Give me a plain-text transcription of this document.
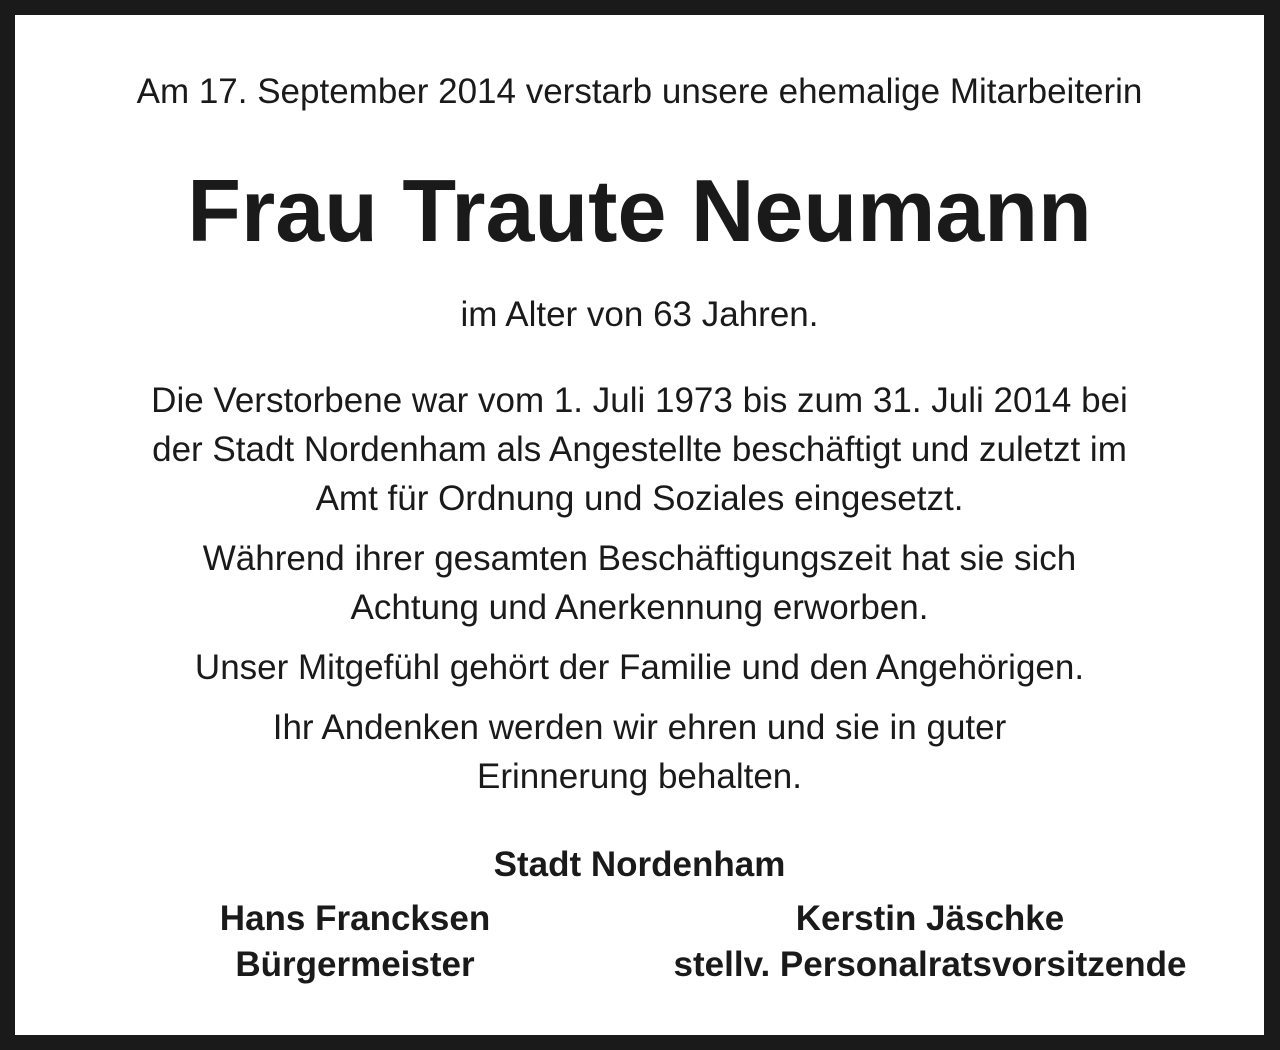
Am 17. September 2014 verstarb unsere ehemalige Mitarbeiterin
Frau Traute Neumann
im Alter von 63 Jahren.
Die Verstorbene war vom 1. Juli 1973 bis zum 31. Juli 2014 bei
der Stadt Nordenham als Angestellte beschäftigt und zuletzt im
Amt für Ordnung und Soziales eingesetzt.
Während ihrer gesamten Beschäftigungszeit hat sie sich
Achtung und Anerkennung erworben.
Unser Mitgefühl gehört der Familie und den Angehörigen.
Ihr Andenken werden wir ehren und sie in guter
Erinnerung behalten.
Stadt Nordenham
Hans Francksen
Bürgermeister
Kerstin Jäschke
stellv. Personalratsvorsitzende
